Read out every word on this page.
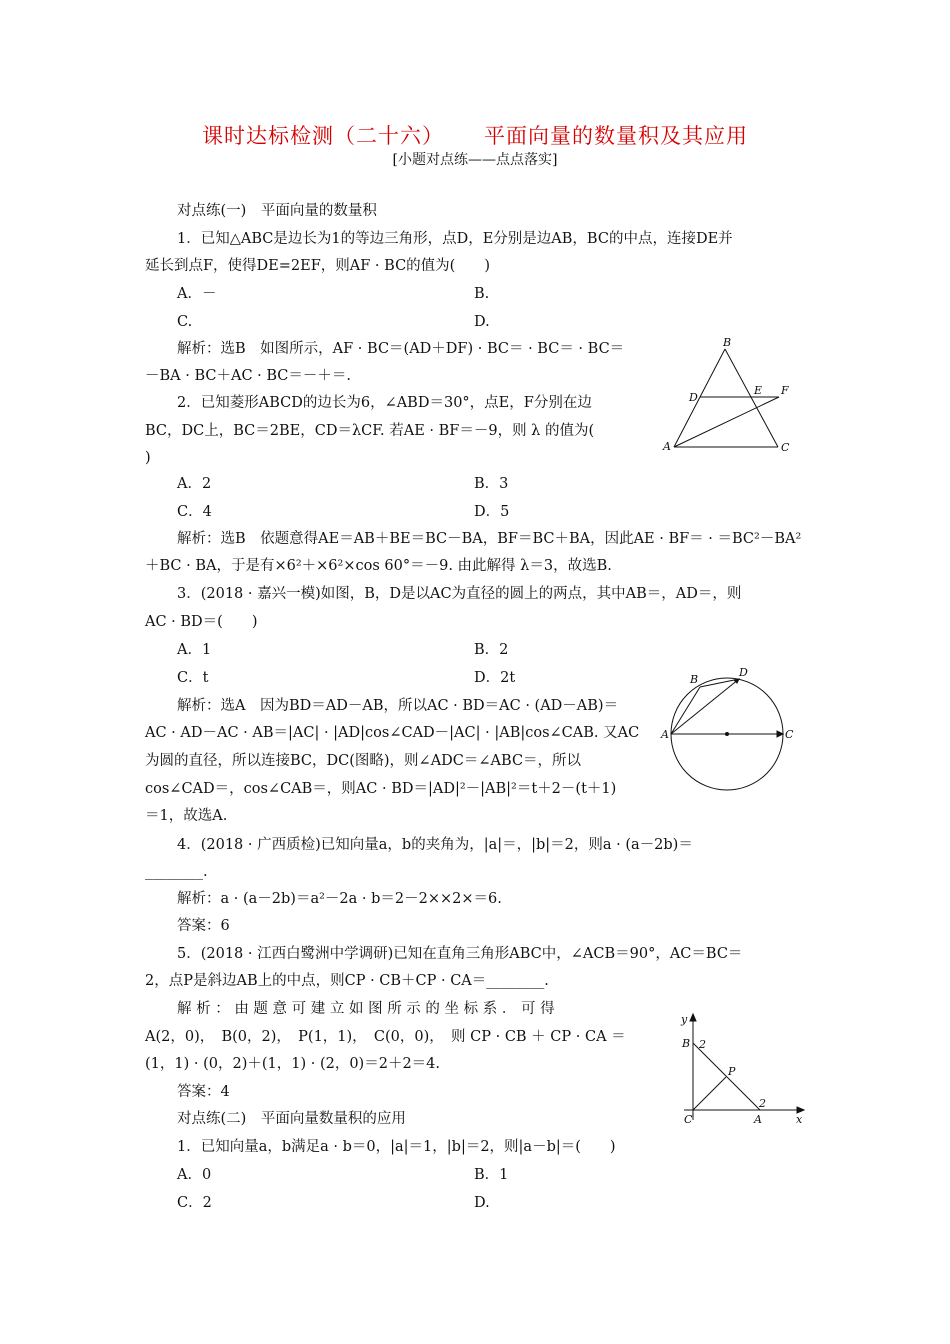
课时达标检测（二十六） 平面向量的数量积及其应用
[小题对点练——点点落实]
对点练(一)　平面向量的数量积
1．已知△ABC是边长为1的等边三角形，点D，E分别是边AB，BC的中点，连接DE并
延长到点F，使得DE=2EF，则AF · BC的值为(　　)
A．－	B.
C.	D.
解析：选B　如图所示，AF · BC＝(AD＋DF) · BC＝ · BC＝ · BC＝
－BA · BC＋AC · BC＝－＋＝.
2．已知菱形ABCD的边长为6，∠ABD＝30°，点E，F分别在边
BC，DC上，BC＝2BE，CD＝λCF. 若AE · BF＝－9，则 λ 的值为(
)
A．2	B．3
C．4	D．5
解析：选B　依题意得AE＝AB＋BE＝BC－BA，BF＝BC＋BA，因此AE · BF＝ · ＝BC²－BA²
＋BC · BA，于是有×6²＋×6²×cos 60°＝－9. 由此解得 λ＝3，故选B.
3．(2018 · 嘉兴一模)如图，B，D是以AC为直径的圆上的两点，其中AB＝，AD＝，则
AC · BD＝(　　)
A．1	B．2
C．t	D．2t
解析：选A　因为BD＝AD－AB，所以AC · BD＝AC · (AD－AB)＝
AC · AD－AC · AB＝|AC| · |AD|cos∠CAD－|AC| · |AB|cos∠CAB. 又AC
为圆的直径，所以连接BC，DC(图略)，则∠ADC＝∠ABC＝，所以
cos∠CAD＝，cos∠CAB＝，则AC · BD＝|AD|²－|AB|²＝t＋2－(t＋1)
＝1，故选A.
4．(2018 · 广西质检)已知向量a，b的夹角为，|a|＝，|b|＝2，则a · (a－2b)＝
________.
解析：a · (a－2b)＝a²－2a · b＝2－2××2×＝6.
答案：6
5．(2018 · 江西白鹭洲中学调研)已知在直角三角形ABC中，∠ACB＝90°，AC＝BC＝
2，点P是斜边AB上的中点，则CP · CB＋CP · CA＝________.
解 析 ： 由 题 意 可 建 立 如 图 所 示 的 坐 标 系 ． 可 得
A(2，0)，　B(0，2)，　P(1，1)，　C(0，0)，　则 CP · CB ＋ CP · CA ＝
(1，1) · (0，2)＋(1，1) · (2，0)＝2＋2＝4.
答案：4
对点练(二)　平面向量数量积的应用
1．已知向量a，b满足a · b＝0，|a|＝1，|b|＝2，则|a－b|＝(　　)
A．0	B．1
C．2	D.
B
D
E F
A	C
B
D
A	C
y
B 2
P
C	A
2
x
